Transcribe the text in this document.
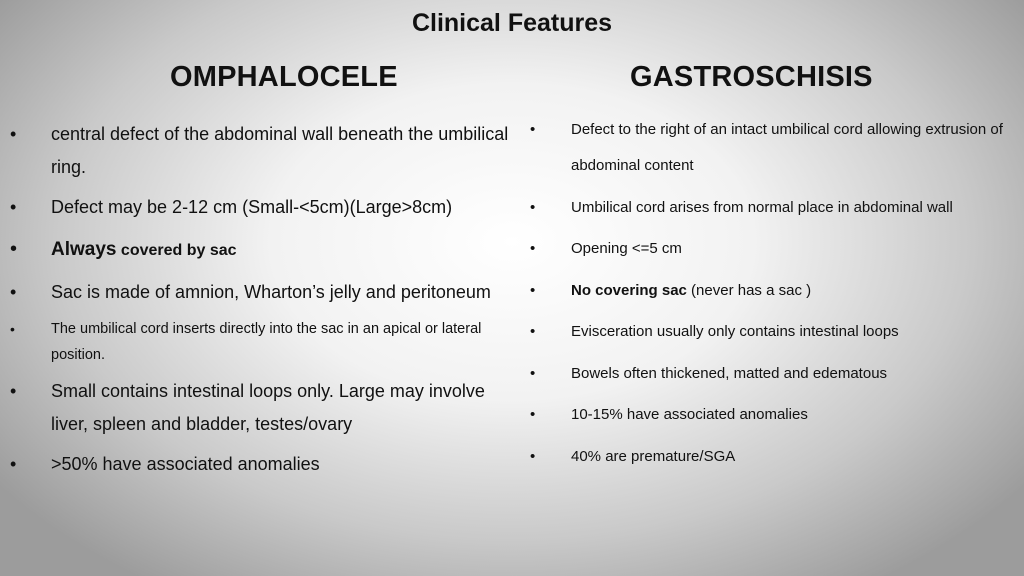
Clinical Features
OMPHALOCELE	GASTROSCHISIS
• central defect of the abdominal wall beneath the umbilical ring.
• Defect may be 2-12 cm (Small-<5cm)(Large>8cm)
• Always covered by sac
• Sac is made of amnion, Wharton’s jelly and peritoneum
• The umbilical cord inserts directly into the sac in an apical or lateral position.
• Small contains intestinal loops only. Large may involve liver, spleen and bladder, testes/ovary
• >50% have associated anomalies
• Defect to the right of an intact umbilical cord allowing extrusion of abdominal content
• Umbilical cord arises from normal place in abdominal wall
• Opening <=5 cm
• No covering sac (never has a sac )
• Evisceration usually only contains intestinal loops
• Bowels often thickened, matted and edematous
• 10-15% have associated anomalies
• 40% are premature/SGA
